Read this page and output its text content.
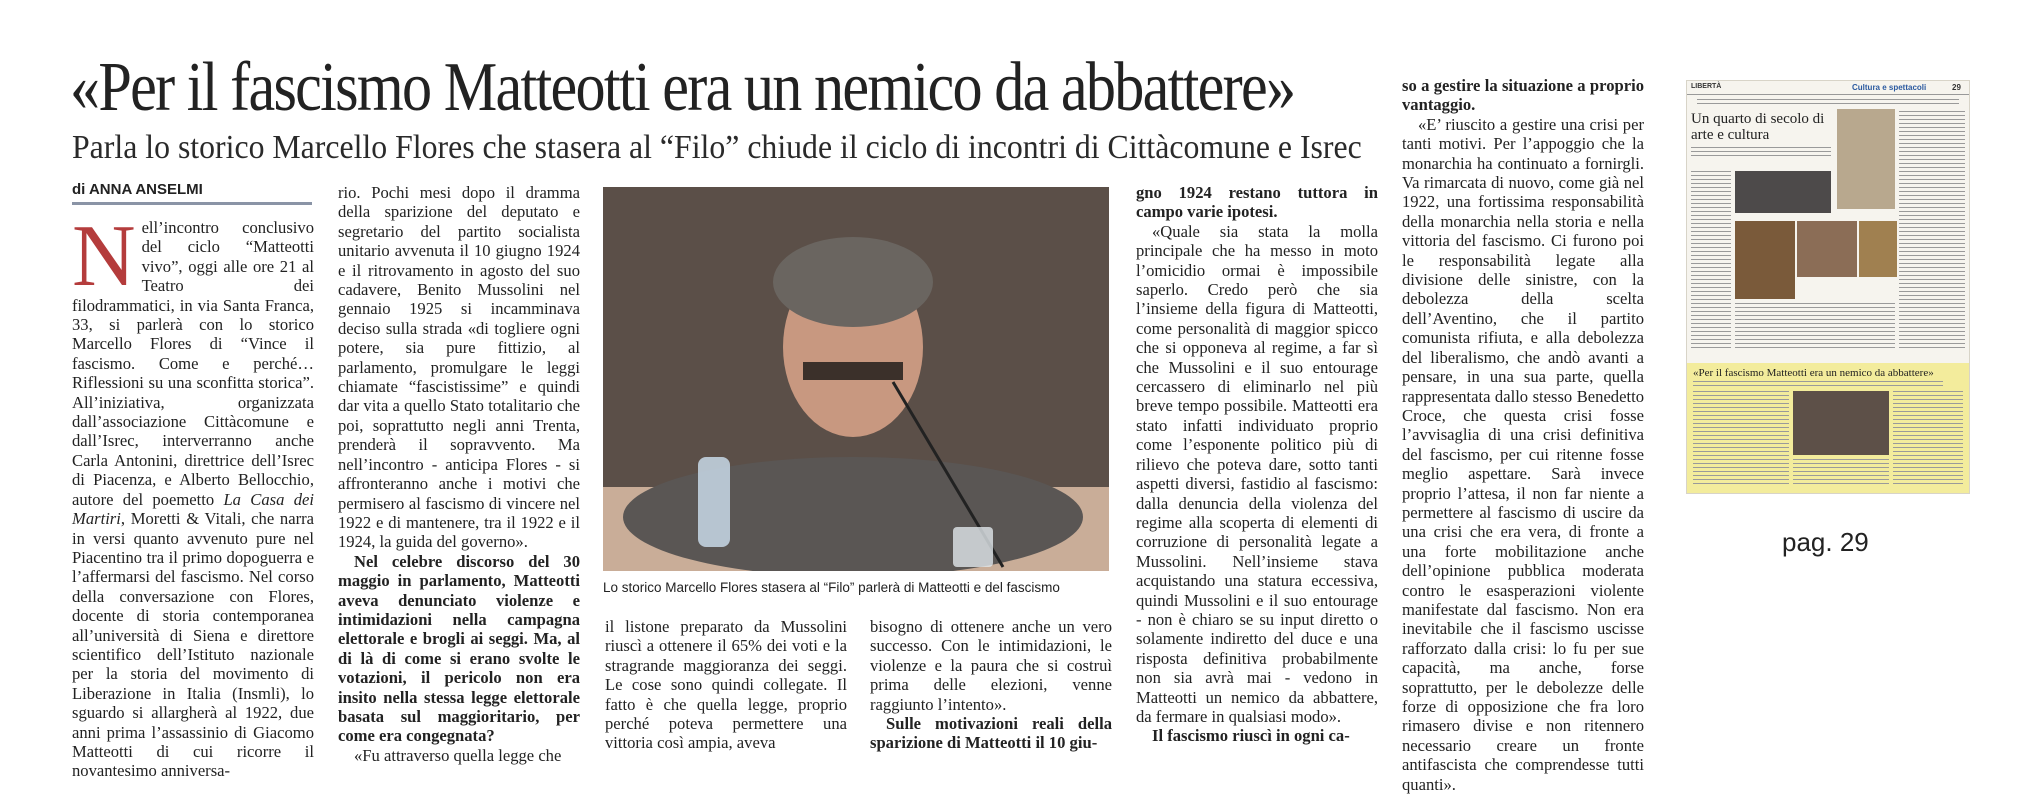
«Per il fascismo Matteotti era un nemico da abbattere»
Parla lo storico Marcello Flores che stasera al “Filo” chiude il ciclo di incontri di Cittàcomune e Isrec
di ANNA ANSELMI

Nell’incontro conclusivo del ciclo “Matteotti vivo”, oggi alle ore 21 al Teatro dei filodrammatici, in via Santa Franca, 33, si parlerà con lo storico Marcello Flores di “Vince il fascismo. Come e perché… Riflessioni su una sconfitta storica”. All’iniziativa, organizzata dall’associazione Cittàcomune e dall’Isrec, interverranno anche Carla Antonini, direttrice dell’Isrec di Piacenza, e Alberto Bellocchio, autore del poemetto La Casa dei Martiri, Moretti & Vitali, che narra in versi quanto avvenuto pure nel Piacentino tra il primo dopoguerra e l’affermarsi del fascismo. Nel corso della conversazione con Flores, docente di storia contemporanea all’università di Siena e direttore scientifico dell’Istituto nazionale per la storia del movimento di Liberazione in Italia (Insmli), lo sguardo si allargherà al 1922, due anni prima l’assassinio di Giacomo Matteotti di cui ricorre il novantesimo anniversa-

rio. Pochi mesi dopo il dramma della sparizione del deputato e segretario del partito socialista unitario avvenuta il 10 giugno 1924 e il ritrovamento in agosto del suo cadavere, Benito Mussolini nel gennaio 1925 si incamminava deciso sulla strada «di togliere ogni potere, sia pure fittizio, al parlamento, promulgare le leggi chiamate “fascistissime” e quindi dar vita a quello Stato totalitario che poi, soprattutto negli anni Trenta, prenderà il sopravvento. Ma nell’incontro - anticipa Flores - si affronteranno anche i motivi che permisero al fascismo di vincere nel 1922 e di mantenere, tra il 1922 e il 1924, la guida del governo».

Nel celebre discorso del 30 maggio in parlamento, Matteotti aveva denunciato violenze e intimidazioni nella campagna elettorale e brogli ai seggi. Ma, al di là di come si erano svolte le votazioni, il pericolo non era insito nella stessa legge elettorale basata sul maggioritario, per come era congegnata?

«Fu attraverso quella legge che

Lo storico Marcello Flores stasera al “Filo” parlerà di Matteotti e del fascismo

il listone preparato da Mussolini riuscì a ottenere il 65% dei voti e la stragrande maggioranza dei seggi. Le cose sono quindi collegate. Il fatto è che quella legge, proprio perché poteva permettere una vittoria così ampia, aveva

bisogno di ottenere anche un vero successo. Con le intimidazioni, le violenze e la paura che si costruì prima delle elezioni, venne raggiunto l’intento».

Sulle motivazioni reali della sparizione di Matteotti il 10 giu-

gno 1924 restano tuttora in campo varie ipotesi.

«Quale sia stata la molla principale che ha messo in moto l’omicidio ormai è impossibile saperlo. Credo però che sia l’insieme della figura di Matteotti, come personalità di maggior spicco che si opponeva al regime, a far sì che Mussolini e il suo entourage cercassero di eliminarlo nel più breve tempo possibile. Matteotti era stato infatti individuato proprio come l’esponente politico più di rilievo che poteva dare, sotto tanti aspetti diversi, fastidio al fascismo: dalla denuncia della violenza del regime alla scoperta di elementi di corruzione di personalità legate a Mussolini. Nell’insieme stava acquistando una statura eccessiva, quindi Mussolini e il suo entourage - non è chiaro se su input diretto o solamente indiretto del duce e una risposta definitiva probabilmente non sia avrà mai - vedono in Matteotti un nemico da abbattere, da fermare in qualsiasi modo».

Il fascismo riuscì in ogni ca-

so a gestire la situazione a proprio vantaggio.

«E’ riuscito a gestire una crisi per tanti motivi. Per l’appoggio che la monarchia ha continuato a fornirgli. Va rimarcata di nuovo, come già nel 1922, una fortissima responsabilità della monarchia nella storia e nella vittoria del fascismo. Ci furono poi le responsabilità legate alla divisione delle sinistre, con la debolezza della scelta dell’Aventino, che il partito comunista rifiuta, e alla debolezza del liberalismo, che andò avanti a pensare, in una sua parte, quella rappresentata dallo stesso Benedetto Croce, che questa crisi fosse l’avvisaglia di una crisi definitiva del fascismo, per cui ritenne fosse meglio aspettare. Sarà invece proprio l’attesa, il non far niente a permettere al fascismo di uscire da una crisi che era vera, di fronte a una forte mobilitazione anche dell’opinione pubblica moderata contro le esasperazioni violente manifestate dal fascismo. Non era inevitabile che il fascismo uscisse rafforzato dalla crisi: lo fu per sue capacità, ma anche, forse soprattutto, per le debolezze delle forze di opposizione che fra loro rimasero divise e non ritennero necessario creare un fronte antifascista che comprendesse tutti quanti».

LIBERTÀ	Cultura e spettacoli	29
Un quarto di secolo di arte e cultura
«Per il fascismo Matteotti era un nemico da abbattere»
pag. 29
